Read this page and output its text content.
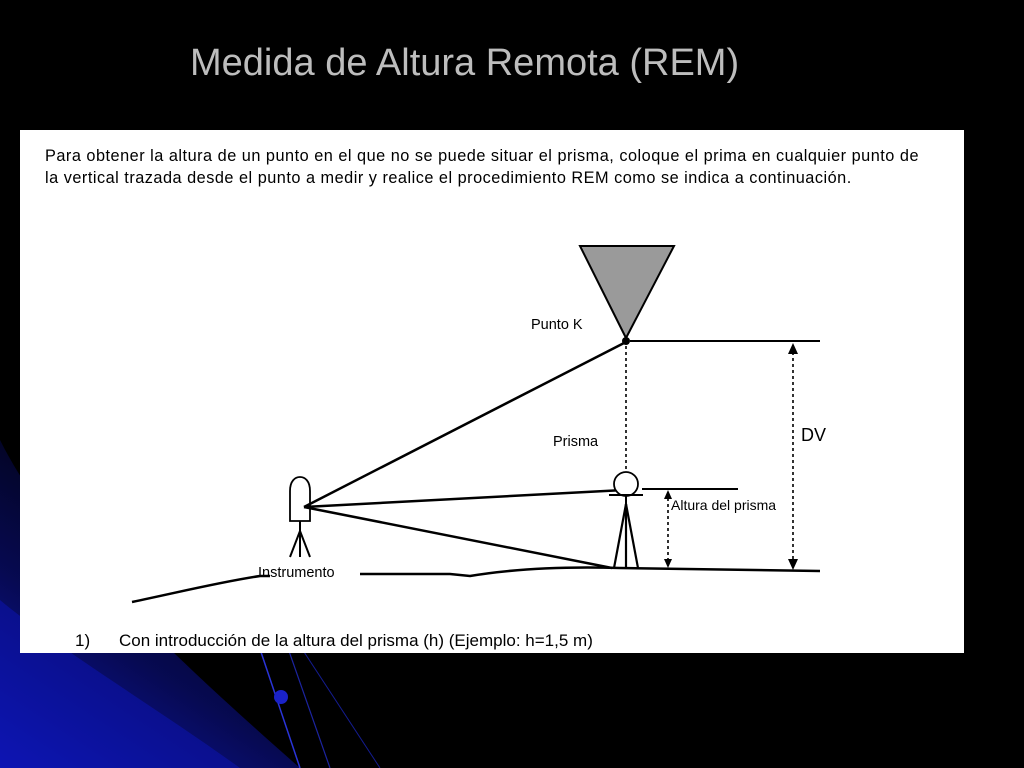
Medida de Altura Remota (REM)
Para obtener la altura de un punto en el que no se puede situar el prisma, coloque el prima en cualquier punto de la vertical trazada desde el punto a medir y realice el procedimiento REM como se indica a continuación.
Punto K
Prisma
Altura del prisma
DV
Instrumento
1) Con introducción de la altura del prisma (h) (Ejemplo: h=1,5 m)
